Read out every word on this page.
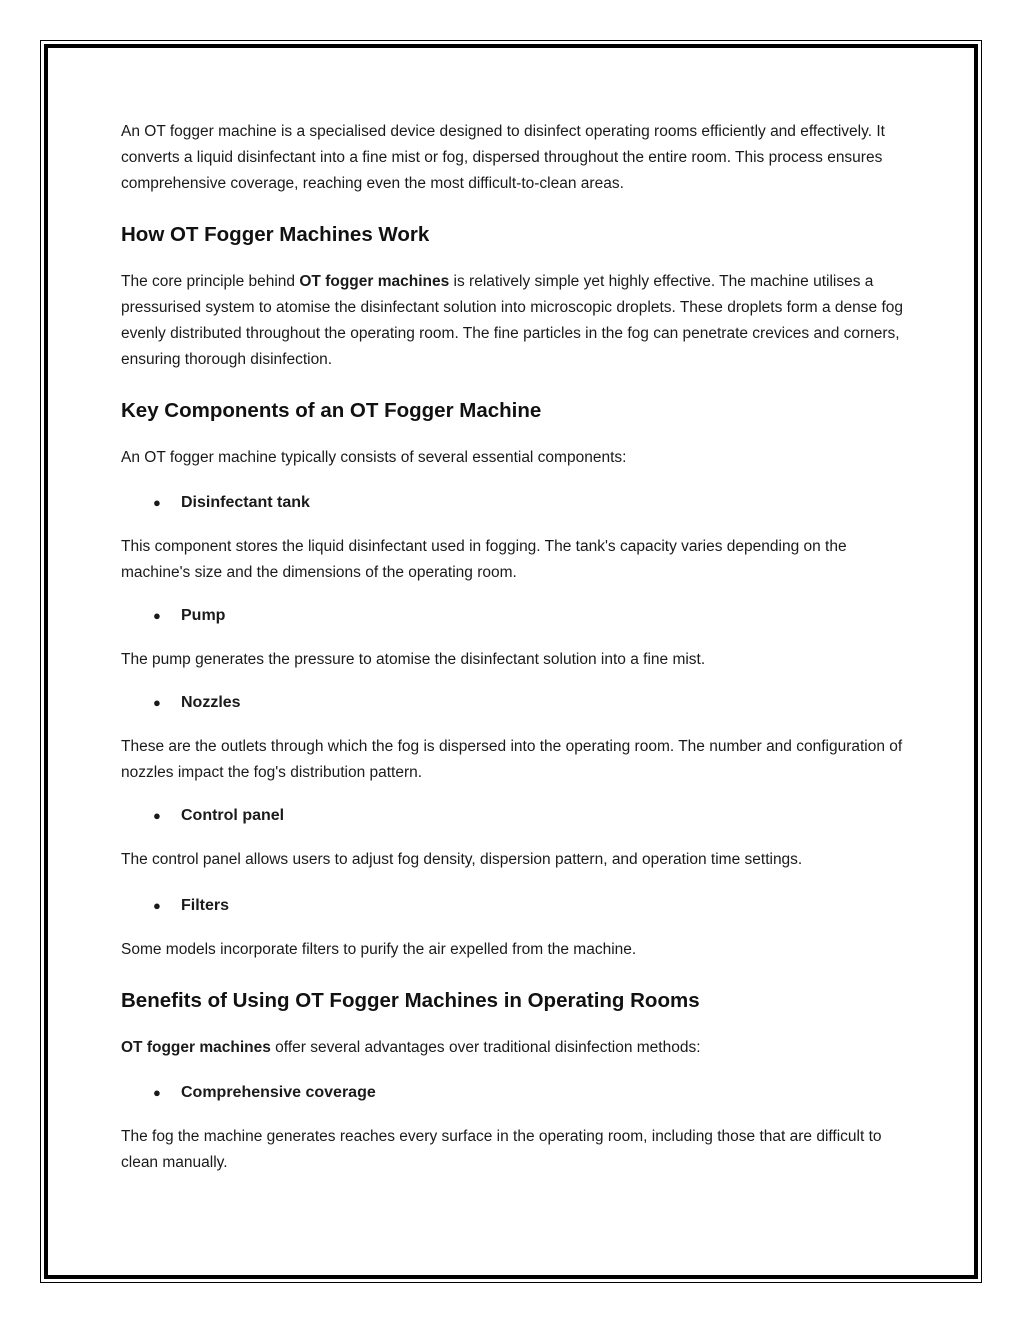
An OT fogger machine is a specialised device designed to disinfect operating rooms efficiently and effectively. It converts a liquid disinfectant into a fine mist or fog, dispersed throughout the entire room. This process ensures comprehensive coverage, reaching even the most difficult-to-clean areas.

How OT Fogger Machines Work

The core principle behind OT fogger machines is relatively simple yet highly effective. The machine utilises a pressurised system to atomise the disinfectant solution into microscopic droplets. These droplets form a dense fog evenly distributed throughout the operating room. The fine particles in the fog can penetrate crevices and corners, ensuring thorough disinfection.

Key Components of an OT Fogger Machine

An OT fogger machine typically consists of several essential components:

● Disinfectant tank

This component stores the liquid disinfectant used in fogging. The tank's capacity varies depending on the machine's size and the dimensions of the operating room.

● Pump

The pump generates the pressure to atomise the disinfectant solution into a fine mist.

● Nozzles

These are the outlets through which the fog is dispersed into the operating room. The number and configuration of nozzles impact the fog's distribution pattern.

● Control panel

The control panel allows users to adjust fog density, dispersion pattern, and operation time settings.

● Filters

Some models incorporate filters to purify the air expelled from the machine.

Benefits of Using OT Fogger Machines in Operating Rooms

OT fogger machines offer several advantages over traditional disinfection methods:

● Comprehensive coverage

The fog the machine generates reaches every surface in the operating room, including those that are difficult to clean manually.
